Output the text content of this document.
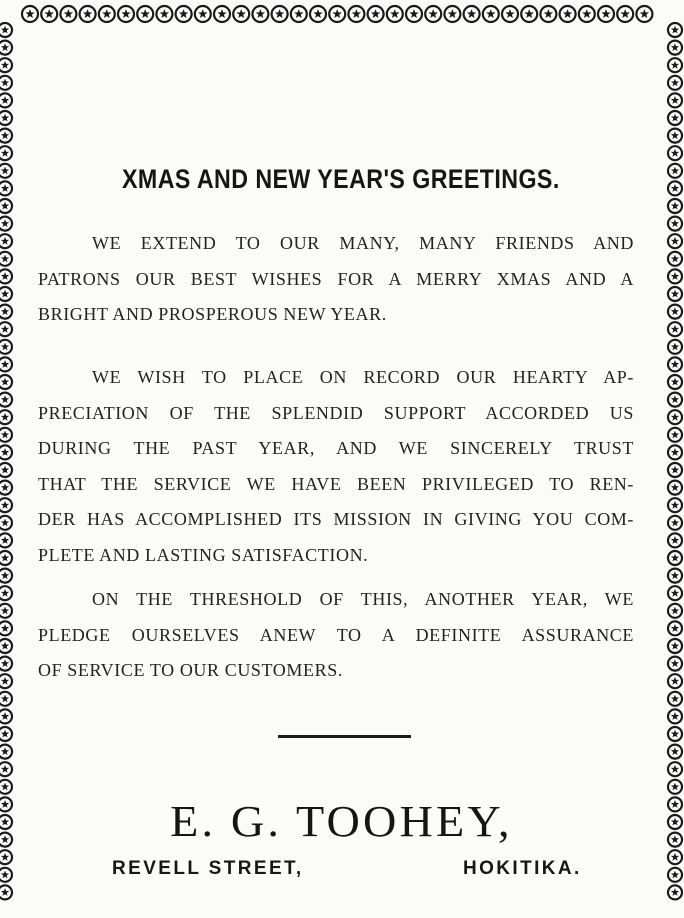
XMAS AND NEW YEAR'S GREETINGS.
WE EXTEND TO OUR MANY, MANY FRIENDS AND
PATRONS OUR BEST WISHES FOR A MERRY XMAS AND A
BRIGHT AND PROSPEROUS NEW YEAR.
WE WISH TO PLACE ON RECORD OUR HEARTY AP-
PRECIATION OF THE SPLENDID SUPPORT ACCORDED US
DURING THE PAST YEAR, AND WE SINCERELY TRUST
THAT THE SERVICE WE HAVE BEEN PRIVILEGED TO REN-
DER HAS ACCOMPLISHED ITS MISSION IN GIVING YOU COM-
PLETE AND LASTING SATISFACTION.
ON THE THRESHOLD OF THIS, ANOTHER YEAR, WE
PLEDGE OURSELVES ANEW TO A DEFINITE ASSURANCE
OF SERVICE TO OUR CUSTOMERS.
E. G. TOOHEY,
REVELL STREET,	HOKITIKA.
